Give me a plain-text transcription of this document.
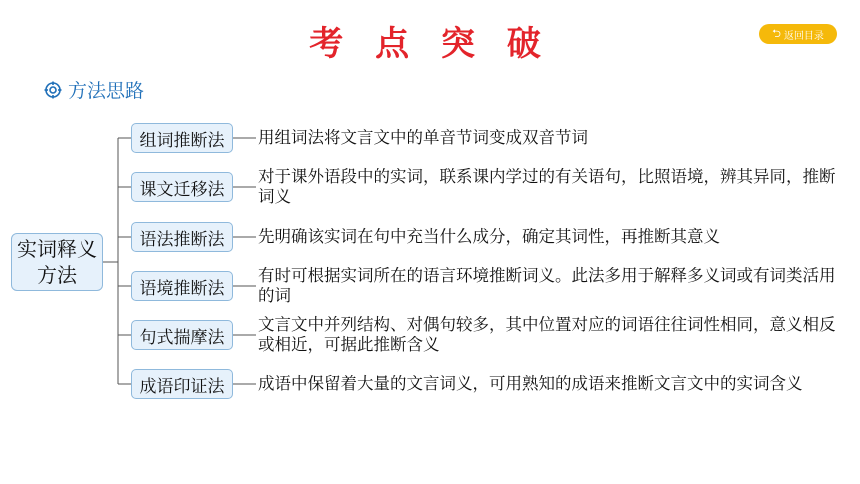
考 点 突 破	⮌ 返回目录
方法思路
实词释义方法
组词推断法
课文迁移法
语法推断法
语境推断法
句式揣摩法
成语印证法
用组词法将文言文中的单音节词变成双音节词
对于课外语段中的实词，联系课内学过的有关语句，比照语境，辨其异同，推断词义
先明确该实词在句中充当什么成分，确定其词性，再推断其意义
有时可根据实词所在的语言环境推断词义。此法多用于解释多义词或有词类活用的词
文言文中并列结构、对偶句较多，其中位置对应的词语往往词性相同，意义相反或相近，可据此推断含义
成语中保留着大量的文言词义，可用熟知的成语来推断文言文中的实词含义
